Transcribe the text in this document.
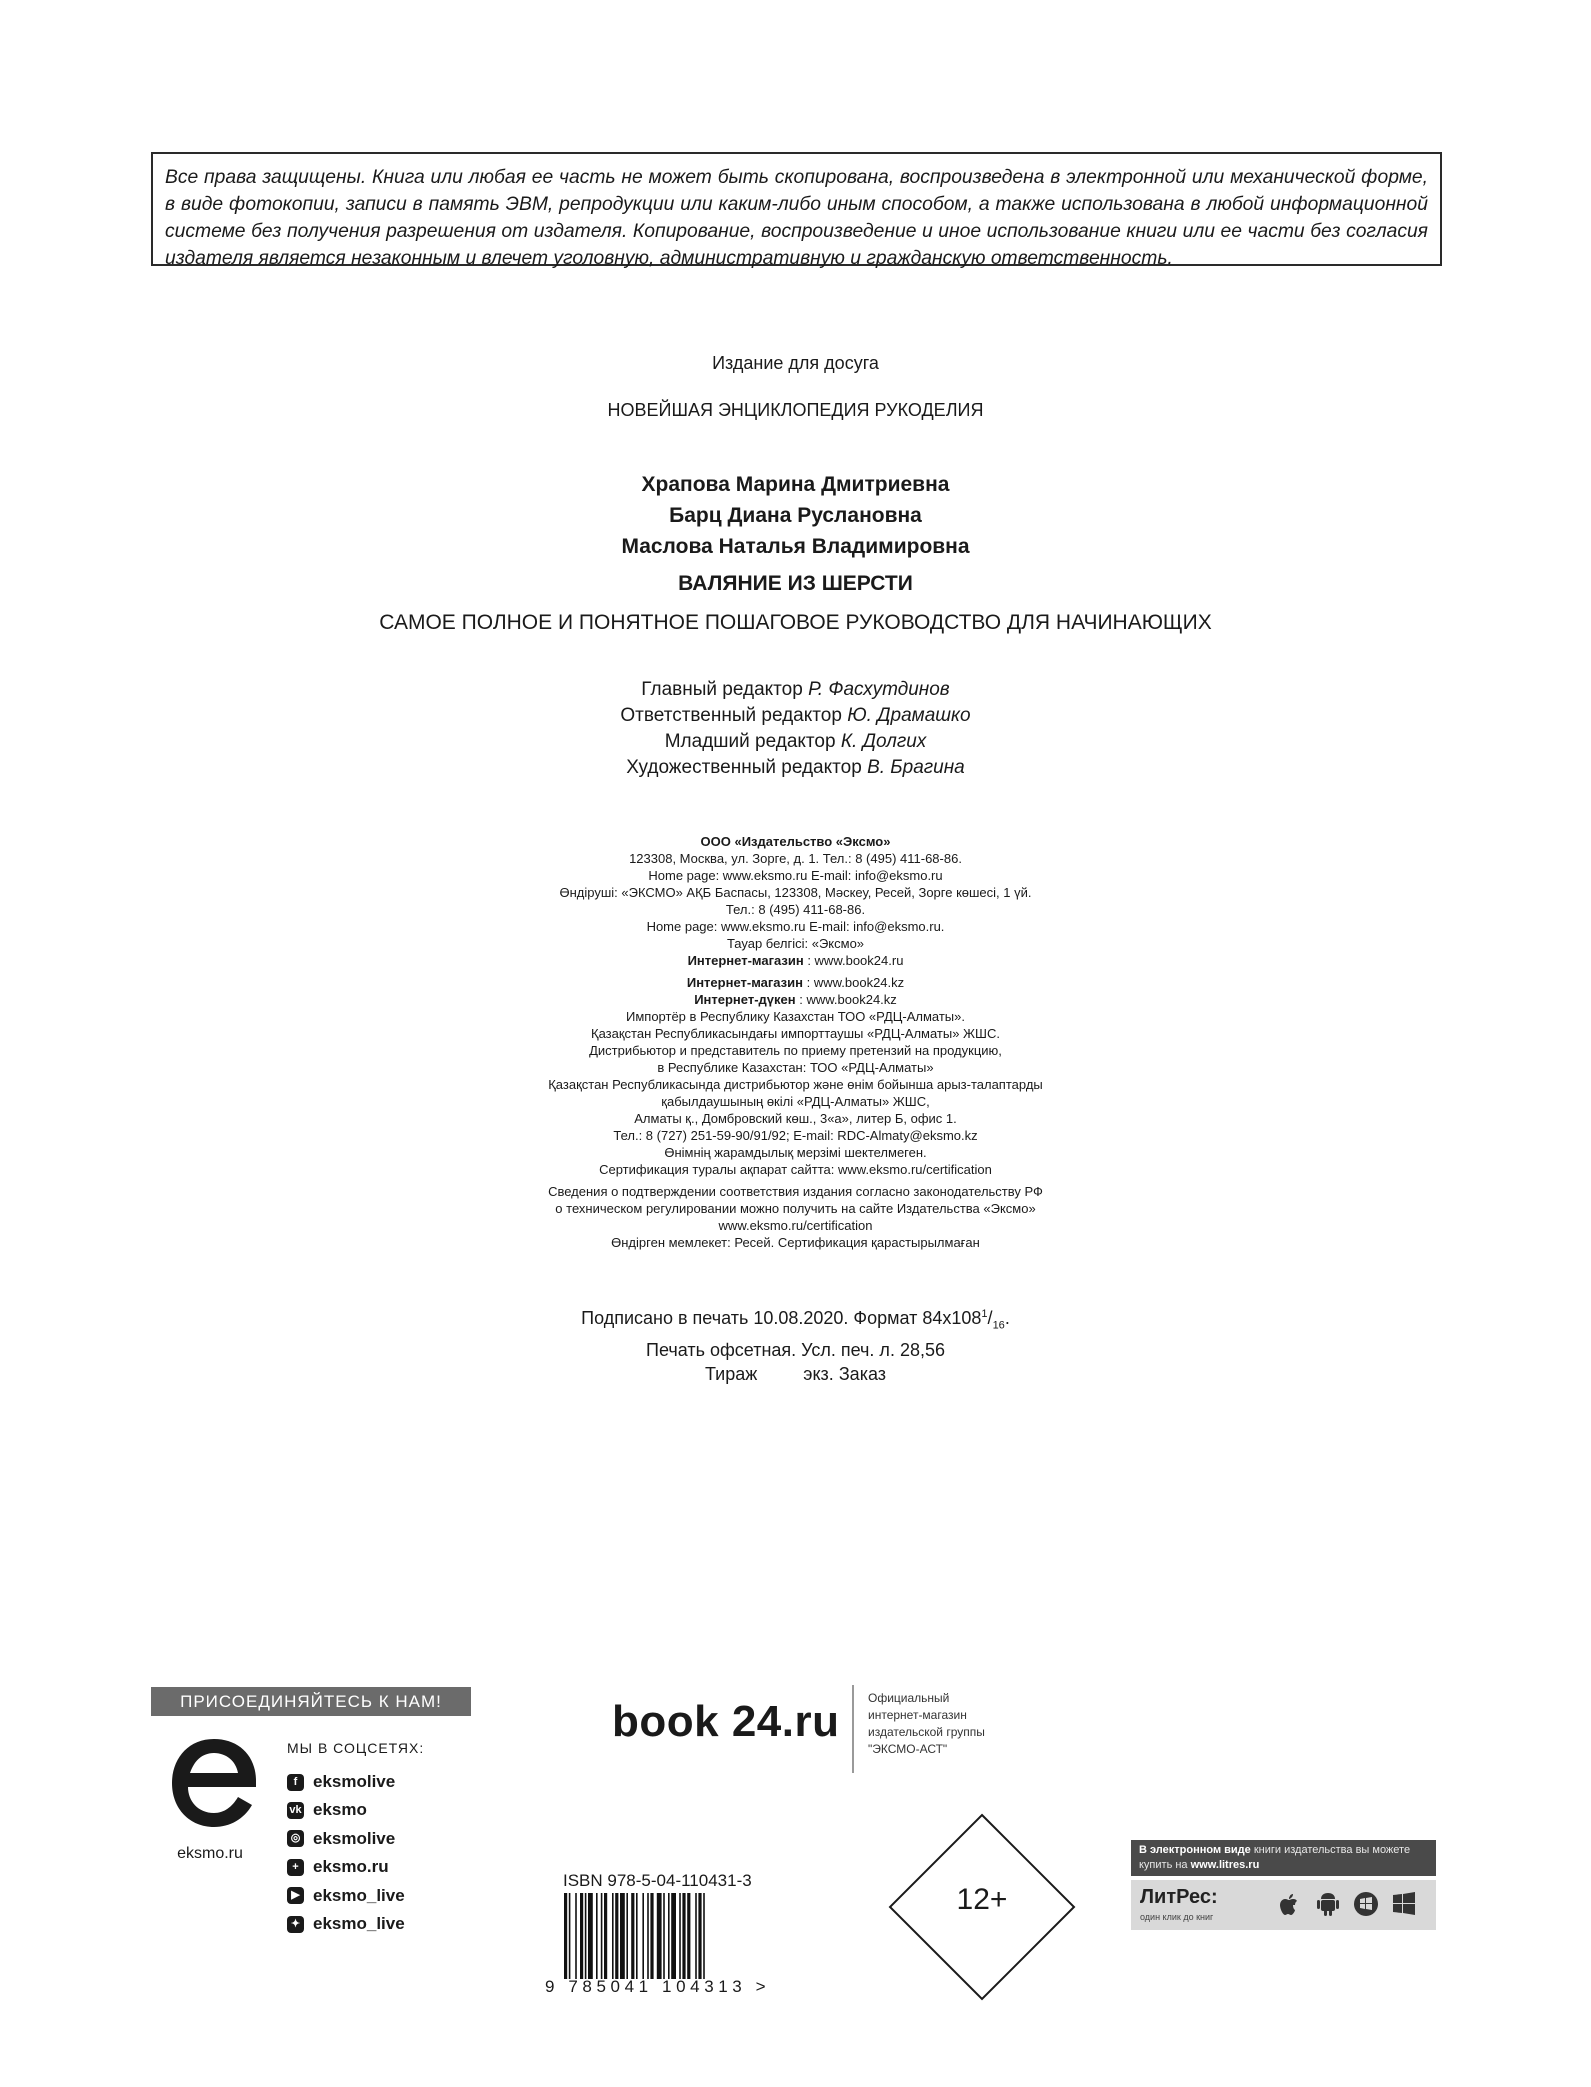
Все права защищены. Книга или любая ее часть не может быть скопирована, воспроизведена в электронной или механической форме, в виде фотокопии, записи в память ЭВМ, репродукции или каким-либо иным способом, а также использована в любой информационной системе без получения разрешения от издателя. Копирование, воспроизведение и иное использование книги или ее части без согласия издателя является незаконным и влечет уголовную, административную и гражданскую ответственность.
Издание для досуга
НОВЕЙШАЯ ЭНЦИКЛОПЕДИЯ РУКОДЕЛИЯ
Храпова Марина Дмитриевна
Барц Диана Руслановна
Маслова Наталья Владимировна
ВАЛЯНИЕ ИЗ ШЕРСТИ
САМОЕ ПОЛНОЕ И ПОНЯТНОЕ ПОШАГОВОЕ РУКОВОДСТВО ДЛЯ НАЧИНАЮЩИХ
Главный редактор Р. Фасхутдинов
Ответственный редактор Ю. Драмашко
Младший редактор К. Долгих
Художественный редактор В. Брагина
ООО «Издательство «Эксмо»
123308, Москва, ул. Зорге, д. 1. Тел.: 8 (495) 411-68-86.
Home page: www.eksmo.ru E-mail: info@eksmo.ru
Өндіруші: «ЭКСМО» АҚБ Баспасы, 123308, Мәскеу, Ресей, Зорге көшесі, 1 үй.
Тел.: 8 (495) 411-68-86.
Home page: www.eksmo.ru E-mail: info@eksmo.ru.
Тауар белгісі: «Эксмо»
Интернет-магазин : www.book24.ru
Интернет-магазин : www.book24.kz
Интернет-дүкен : www.book24.kz
Импортёр в Республику Казахстан ТОО «РДЦ-Алматы».
Қазақстан Республикасындағы импорттаушы «РДЦ-Алматы» ЖШС.
Дистрибьютор и представитель по приему претензий на продукцию,
в Республике Казахстан: ТОО «РДЦ-Алматы»
Қазақстан Республикасында дистрибьютор және өнім бойынша арыз-талаптарды
қабылдаушының өкілі «РДЦ-Алматы» ЖШС,
Алматы қ., Домбровский көш., 3«а», литер Б, офис 1.
Тел.: 8 (727) 251-59-90/91/92; E-mail: RDC-Almaty@eksmo.kz
Өнімнің жарамдылық мерзімі шектелмеген.
Сертификация туралы ақпарат сайтта: www.eksmo.ru/certification
Сведения о подтверждении соответствия издания согласно законодательству РФ
о техническом регулировании можно получить на сайте Издательства «Эксмо»
www.eksmo.ru/certification
Өндірген мемлекет: Ресей. Сертификация қарастырылмаған
Подписано в печать 10.08.2020. Формат $84x108^1/_{16}$.
Печать офсетная. Усл. печ. л. 28,56
Тираж	экз. Заказ
ПРИСОЕДИНЯЙТЕСЬ К НАМ!
eksmo.ru
МЫ В СОЦСЕТЯХ:
f eksmolive
vk eksmo
◎ eksmolive
+ eksmo.ru
▶ eksmo_live
✦ eksmo_live
book 24.ru Официальный
интернет-магазин
издательской группы
"ЭКСМО-АСТ"
ISBN 978-5-04-110431-3
9 785041 104313 >
12+
В электронном виде книги издательства вы можете купить на www.litres.ru
ЛитРес:
один клик до книг
